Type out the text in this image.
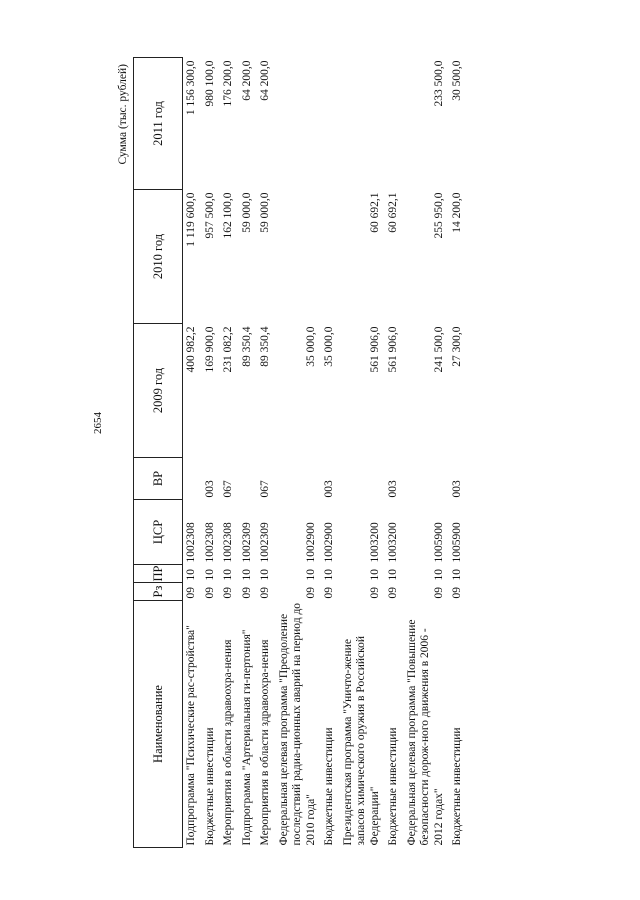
2654
Сумма (тыс. рублей)
Наименование	Рз	ПР	ЦСР	ВР	2009 год	2010 год	2011 год
Подпрограмма "Психические рас-стройства"	09	10	1002308		400 982,2	1 119 600,0	1 156 300,0
Бюджетные инвестиции	09	10	1002308	003	169 900,0	957 500,0	980 100,0
Мероприятия в области здравоохра-нения	09	10	1002308	067	231 082,2	162 100,0	176 200,0
Подпрограмма "Артериальная ги-пертония"	09	10	1002309		89 350,4	59 000,0	64 200,0
Мероприятия в области здравоохра-нения	09	10	1002309	067	89 350,4	59 000,0	64 200,0
Федеральная целевая программа "Преодоление последствий радиа-ционных аварий на период до 2010 года"	09	10	1002900		35 000,0		
Бюджетные инвестиции	09	10	1002900	003	35 000,0		
Президентская программа "Уничто-жение запасов химического оружия в Российской Федерации"	09	10	1003200		561 906,0	60 692,1	
Бюджетные инвестиции	09	10	1003200	003	561 906,0	60 692,1	
Федеральная целевая программа "Повышение безопасности дорож-ного движения в 2006 - 2012 годах"	09	10	1005900		241 500,0	255 950,0	233 500,0
Бюджетные инвестиции	09	10	1005900	003	27 300,0	14 200,0	30 500,0
